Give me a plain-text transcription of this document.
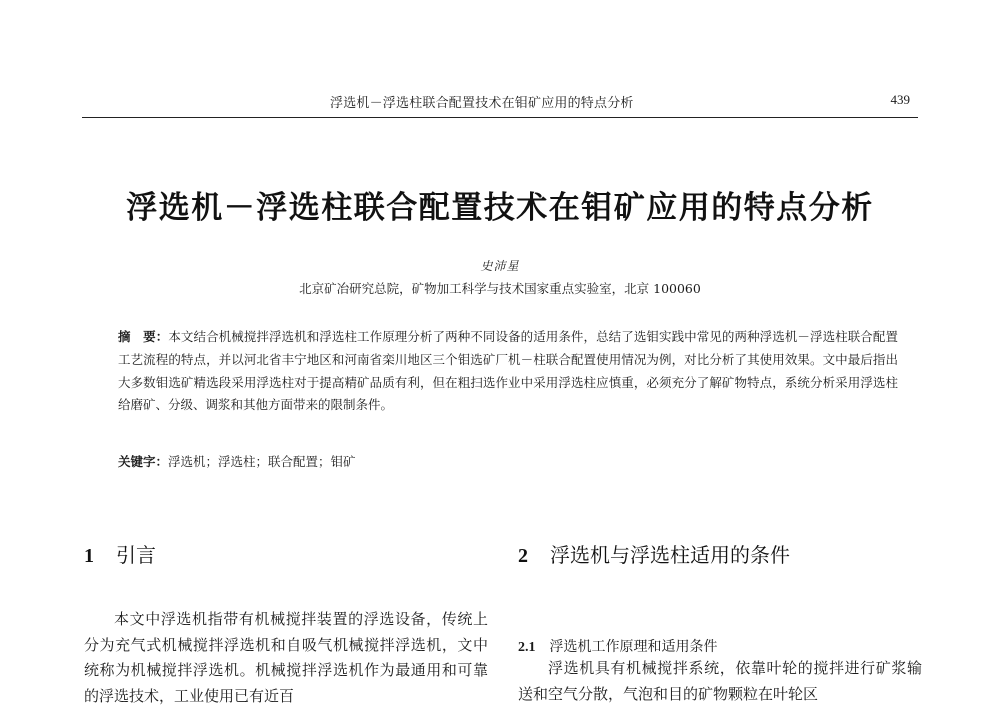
浮选机－浮选柱联合配置技术在钼矿应用的特点分析	439
浮选机－浮选柱联合配置技术在钼矿应用的特点分析
史沛星
北京矿冶研究总院，矿物加工科学与技术国家重点实验室，北京 100060
摘　要：本文结合机械搅拌浮选机和浮选柱工作原理分析了两种不同设备的适用条件，总结了选钼实践中常见的两种浮选机－浮选柱联合配置工艺流程的特点，并以河北省丰宁地区和河南省栾川地区三个钼选矿厂机－柱联合配置使用情况为例，对比分析了其使用效果。文中最后指出大多数钼选矿精选段采用浮选柱对于提高精矿品质有利，但在粗扫选作业中采用浮选柱应慎重，必须充分了解矿物特点，系统分析采用浮选柱给磨矿、分级、调浆和其他方面带来的限制条件。
关键字：浮选机；浮选柱；联合配置；钼矿
1 引言

本文中浮选机指带有机械搅拌装置的浮选设备，传统上分为充气式机械搅拌浮选机和自吸气机械搅拌浮选机，文中统称为机械搅拌浮选机。机械搅拌浮选机作为最通用和可靠的浮选技术，工业使用已有近百

2 浮选机与浮选柱适用的条件
2.1 浮选机工作原理和适用条件

浮选机具有机械搅拌系统，依靠叶轮的搅拌进行矿浆输送和空气分散，气泡和目的矿物颗粒在叶轮区
